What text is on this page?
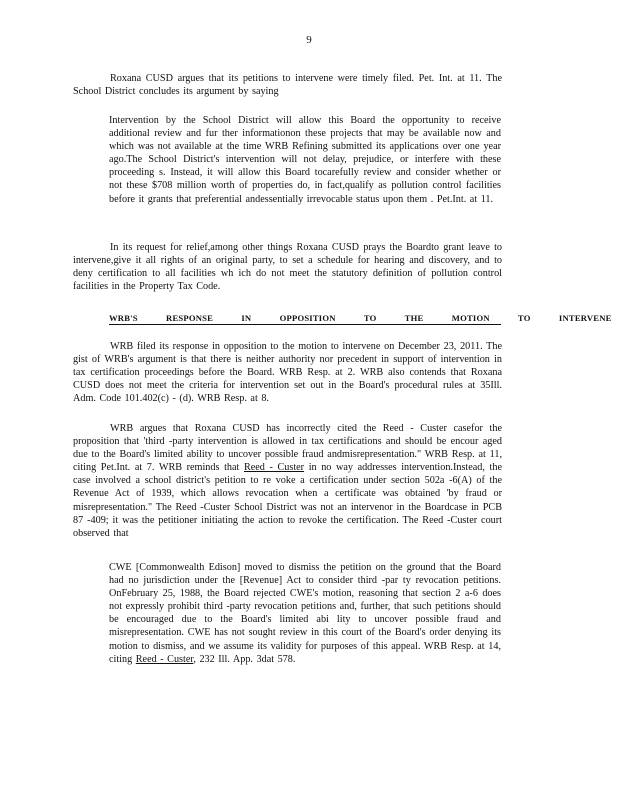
9

Roxana CUSD argues that its petitions to intervene were timely filed. Pet. Int. at 11. The School District concludes its argument by saying

Intervention by the School District will allow this Board the opportunity to receive additional review and fur ther informationon these projects that may be available now and which was not available at the time WRB Refining submitted its applications over one year ago.The School District's intervention will not delay, prejudice, or interfere with these proceeding s. Instead, it will allow this Board tocarefully review and consider whether or not these $708 million worth of properties do, in fact,qualify as pollution control facilities before it grants that preferential andessentially irrevocable status upon them . Pet.Int. at 11.

In its request for relief,among other things Roxana CUSD prays the Boardto grant leave to intervene,give it all rights of an original party, to set a schedule for hearing and discovery, and to deny certification to all facilities wh ich do not meet the statutory definition of pollution control facilities in the Property Tax Code.

WRB'S RESPONSE IN OPPOSITION TO THE MOTION TO INTERVENE

WRB filed its response in opposition to the motion to intervene on December 23, 2011. The gist of WRB's argument is that there is neither authority nor precedent in support of intervention in tax certification proceedings before the Board. WRB Resp. at 2. WRB also contends that Roxana CUSD does not meet the criteria for intervention set out in the Board's procedural rules at 35Ill. Adm. Code 101.402(c) - (d). WRB Resp. at 8.

WRB argues that Roxana CUSD has incorrectly cited the Reed - Custer casefor the proposition that 'third -party intervention is allowed in tax certifications and should be encour aged due to the Board's limited ability to uncover possible fraud andmisrepresentation." WRB Resp. at 11, citing Pet.Int. at 7. WRB reminds that Reed - Custer in no way addresses intervention.Instead, the case involved a school district's petition to re voke a certification under section 502a -6(A) of the Revenue Act of 1939, which allows revocation when a certificate was obtained 'by fraud or misrepresentation." The Reed -Custer School District was not an intervenor in the Boardcase in PCB 87 -409; it was the petitioner initiating the action to revoke the certification. The Reed -Custer court observed that

CWE [Commonwealth Edison] moved to dismiss the petition on the ground that the Board had no jurisdiction under the [Revenue] Act to consider third -par ty revocation petitions. OnFebruary 25, 1988, the Board rejected CWE's motion, reasoning that section 2 a-6 does not expressly prohibit third -party revocation petitions and, further, that such petitions should be encouraged due to the Board's limited abi lity to uncover possible fraud and misrepresentation. CWE has not sought review in this court of the Board's order denying its motion to dismiss, and we assume its validity for purposes of this appeal. WRB Resp. at 14, citing Reed - Custer, 232 Ill. App. 3dat 578.
